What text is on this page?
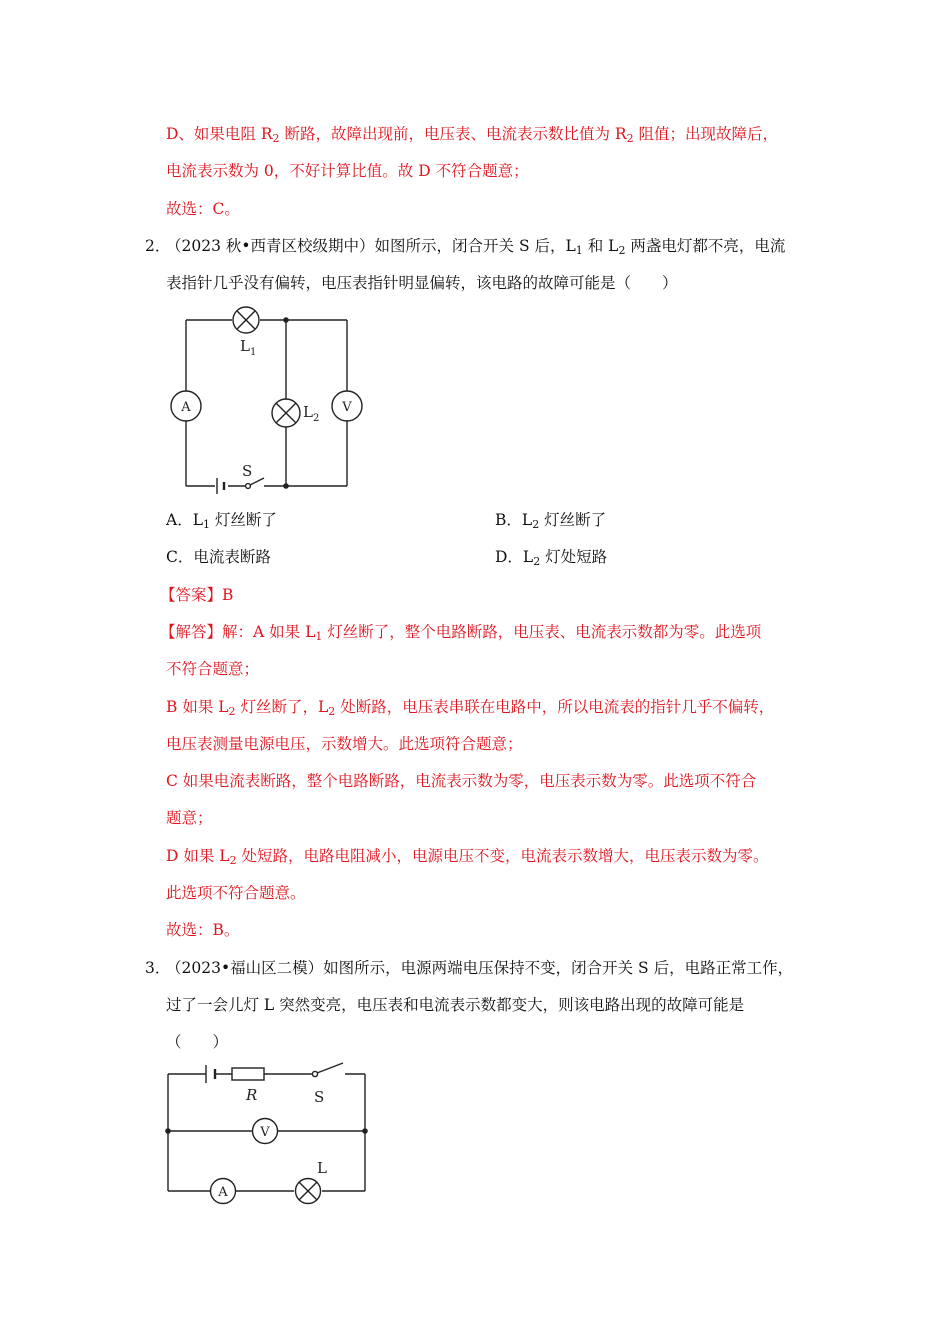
D、如果电阻 $R_2$ 断路，故障出现前，电压表、电流表示数比值为 $R_2$ 阻值；出现故障后，
电流表示数为 0，不好计算比值。故 D 不符合题意；
故选：C。
2．
（2023 秋•西青区校级期中）如图所示，闭合开关 S 后，$L_1$ 和 $L_2$ 两盏电灯都不亮，电流
表指针几乎没有偏转，电压表指针明显偏转，该电路的故障可能是（　　）
S
$L_1$
$L_2$
A	V
A．$L_1$ 灯丝断了	B．$L_2$ 灯丝断了
C．电流表断路	D．$L_2$ 灯处短路
【答案】B
【解答】解：A 如果 $L_1$ 灯丝断了，整个电路断路，电压表、电流表示数都为零。此选项
不符合题意；
B 如果 $L_2$ 灯丝断了，$L_2$ 处断路，电压表串联在电路中，所以电流表的指针几乎不偏转，
电压表测量电源电压，示数增大。此选项符合题意；
C 如果电流表断路，整个电路断路，电流表示数为零，电压表示数为零。此选项不符合
题意；
D 如果 $L_2$ 处短路，电路电阻减小，电源电压不变，电流表示数增大，电压表示数为零。
此选项不符合题意。
故选：B。
3．
（2023•福山区二模）如图所示，电源两端电压保持不变，闭合开关 S 后，电路正常工作，
过了一会儿灯 L 突然变亮，电压表和电流表示数都变大，则该电路出现的故障可能是
（　　）
R	S
V
A
L
